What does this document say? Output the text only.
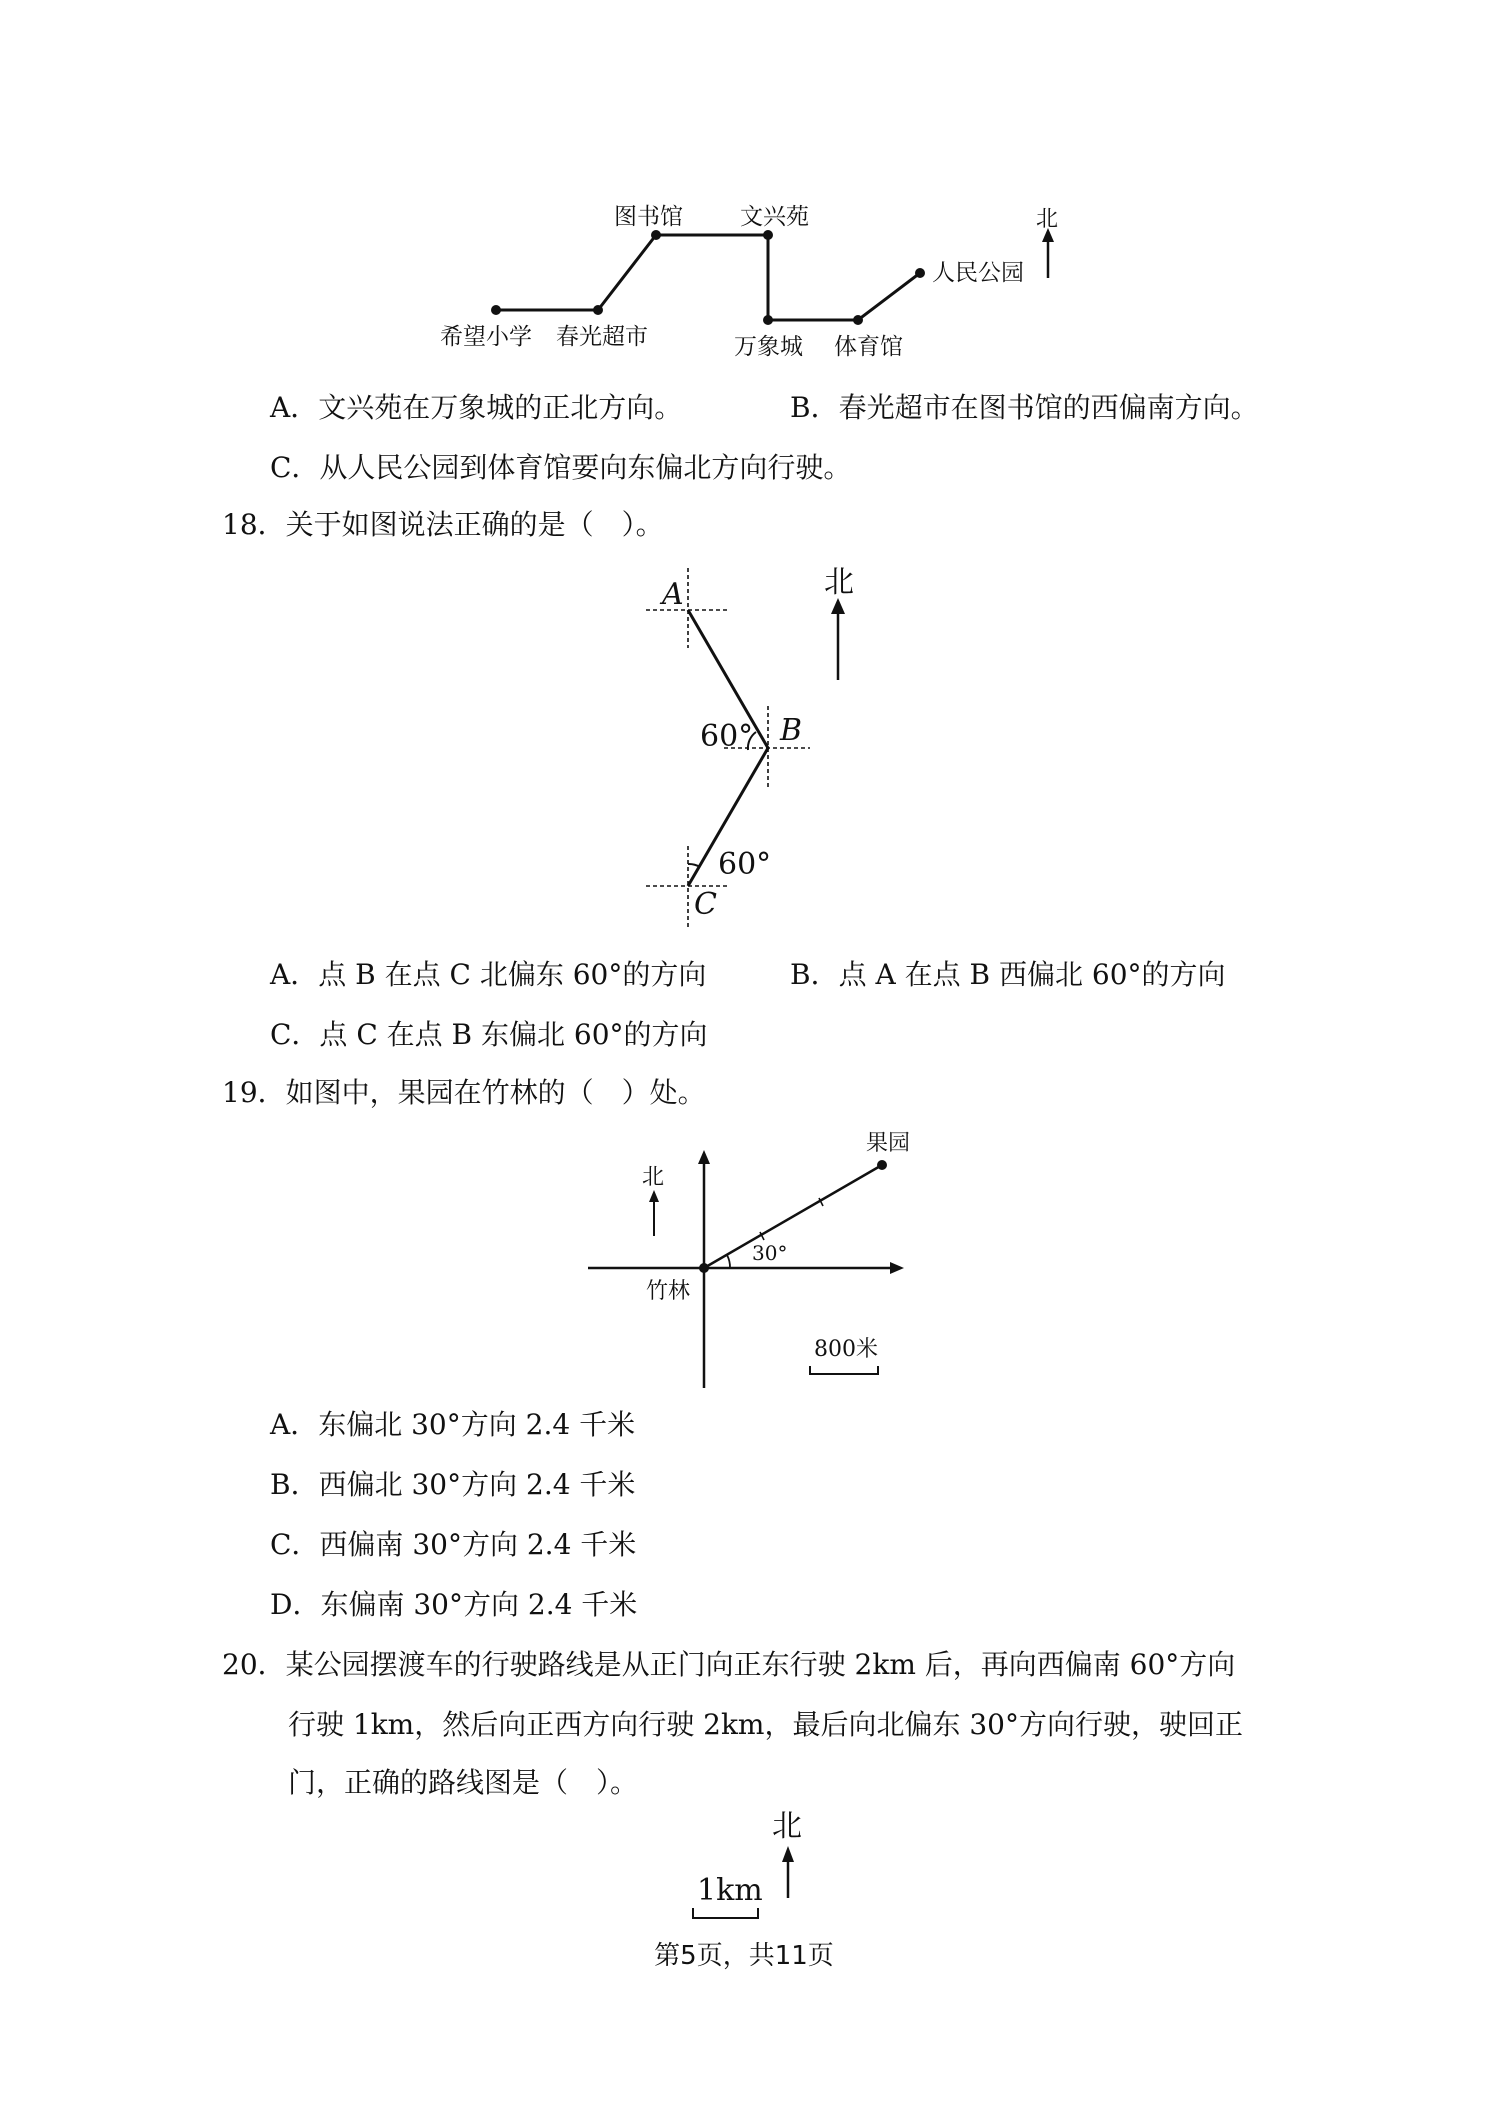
图书馆 文兴苑	北
人民公园
希望小学 春光超市	万象城 体育馆
A．文兴苑在万象城的正北方向。	B．春光超市在图书馆的西偏南方向。
C．从人民公园到体育馆要向东偏北方向行驶。
18．关于如图说法正确的是（　）。
A
B
C
60°
60°
北
A．点 B 在点 C 北偏东 60°的方向	B．点 A 在点 B 西偏北 60°的方向
C．点 C 在点 B 东偏北 60°的方向
19．如图中，果园在竹林的（　）处。
果园
北
30°
竹林
800米
A．东偏北 30°方向 2.4 千米
B．西偏北 30°方向 2.4 千米
C．西偏南 30°方向 2.4 千米
D．东偏南 30°方向 2.4 千米
20．某公园摆渡车的行驶路线是从正门向正东行驶 2km 后，再向西偏南 60°方向
行驶 1km，然后向正西方向行驶 2km，最后向北偏东 30°方向行驶，驶回正
门，正确的路线图是（　）。
北
1km
第5页，共11页
